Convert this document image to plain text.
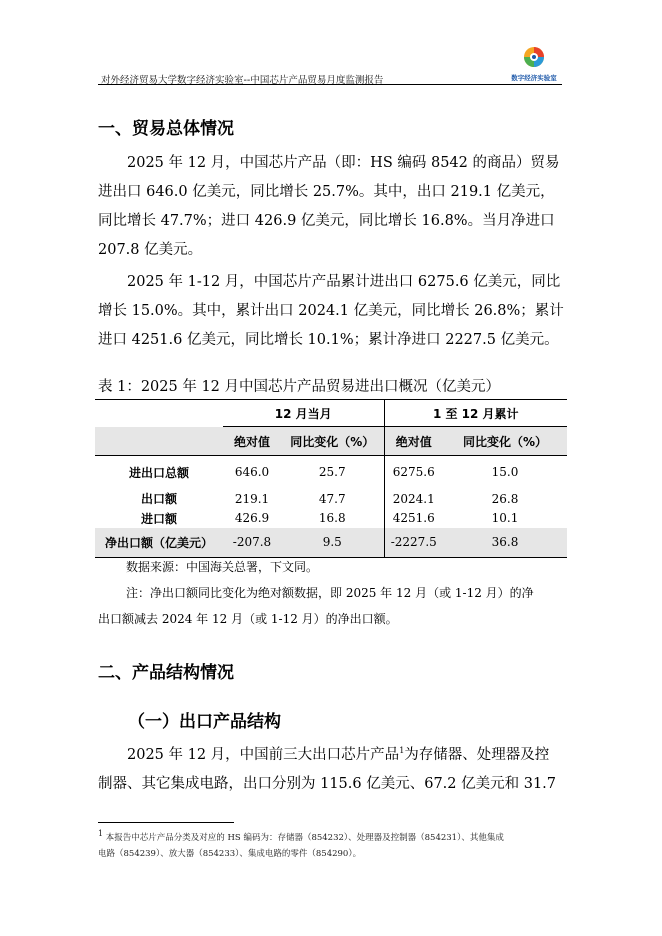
对外经济贸易大学数字经济实验室--中国芯片产品贸易月度监测报告	数字经济实验室
一、贸易总体情况

2025 年 12 月，中国芯片产品（即：HS 编码 8542 的商品）贸易
进出口 646.0 亿美元，同比增长 25.7%。其中，出口 219.1 亿美元，
同比增长 47.7%；进口 426.9 亿美元，同比增长 16.8%。当月净进口
207.8 亿美元。

2025 年 1-12 月，中国芯片产品累计进出口 6275.6 亿美元，同比
增长 15.0%。其中，累计出口 2024.1 亿美元，同比增长 26.8%；累计
进口 4251.6 亿美元，同比增长 10.1%；累计净进口 2227.5 亿美元。

表 1：2025 年 12 月中国芯片产品贸易进出口概况（亿美元）
	12 月当月		1 至 12 月累计	
	绝对值	同比变化（%）	绝对值	同比变化（%）
进出口总额	646.0	25.7	6275.6	15.0
出口额	219.1	47.7	2024.1	26.8
进口额	426.9	16.8	4251.6	10.1
净出口额（亿美元）	-207.8	9.5	-2227.5	36.8
数据来源：中国海关总署，下文同。
注：净出口额同比变化为绝对额数据，即 2025 年 12 月（或 1-12 月）的净
出口额减去 2024 年 12 月（或 1-12 月）的净出口额。
二、产品结构情况
（一）出口产品结构

2025 年 12 月，中国前三大出口芯片产品$^1$为存储器、处理器及控
制器、其它集成电路，出口分别为 115.6 亿美元、67.2 亿美元和 31.7

$^1$ 本报告中芯片产品分类及对应的 HS 编码为：存储器（854232）、处理器及控制器（854231）、其他集成
电路（854239）、放大器（854233）、集成电路的零件（854290）。
